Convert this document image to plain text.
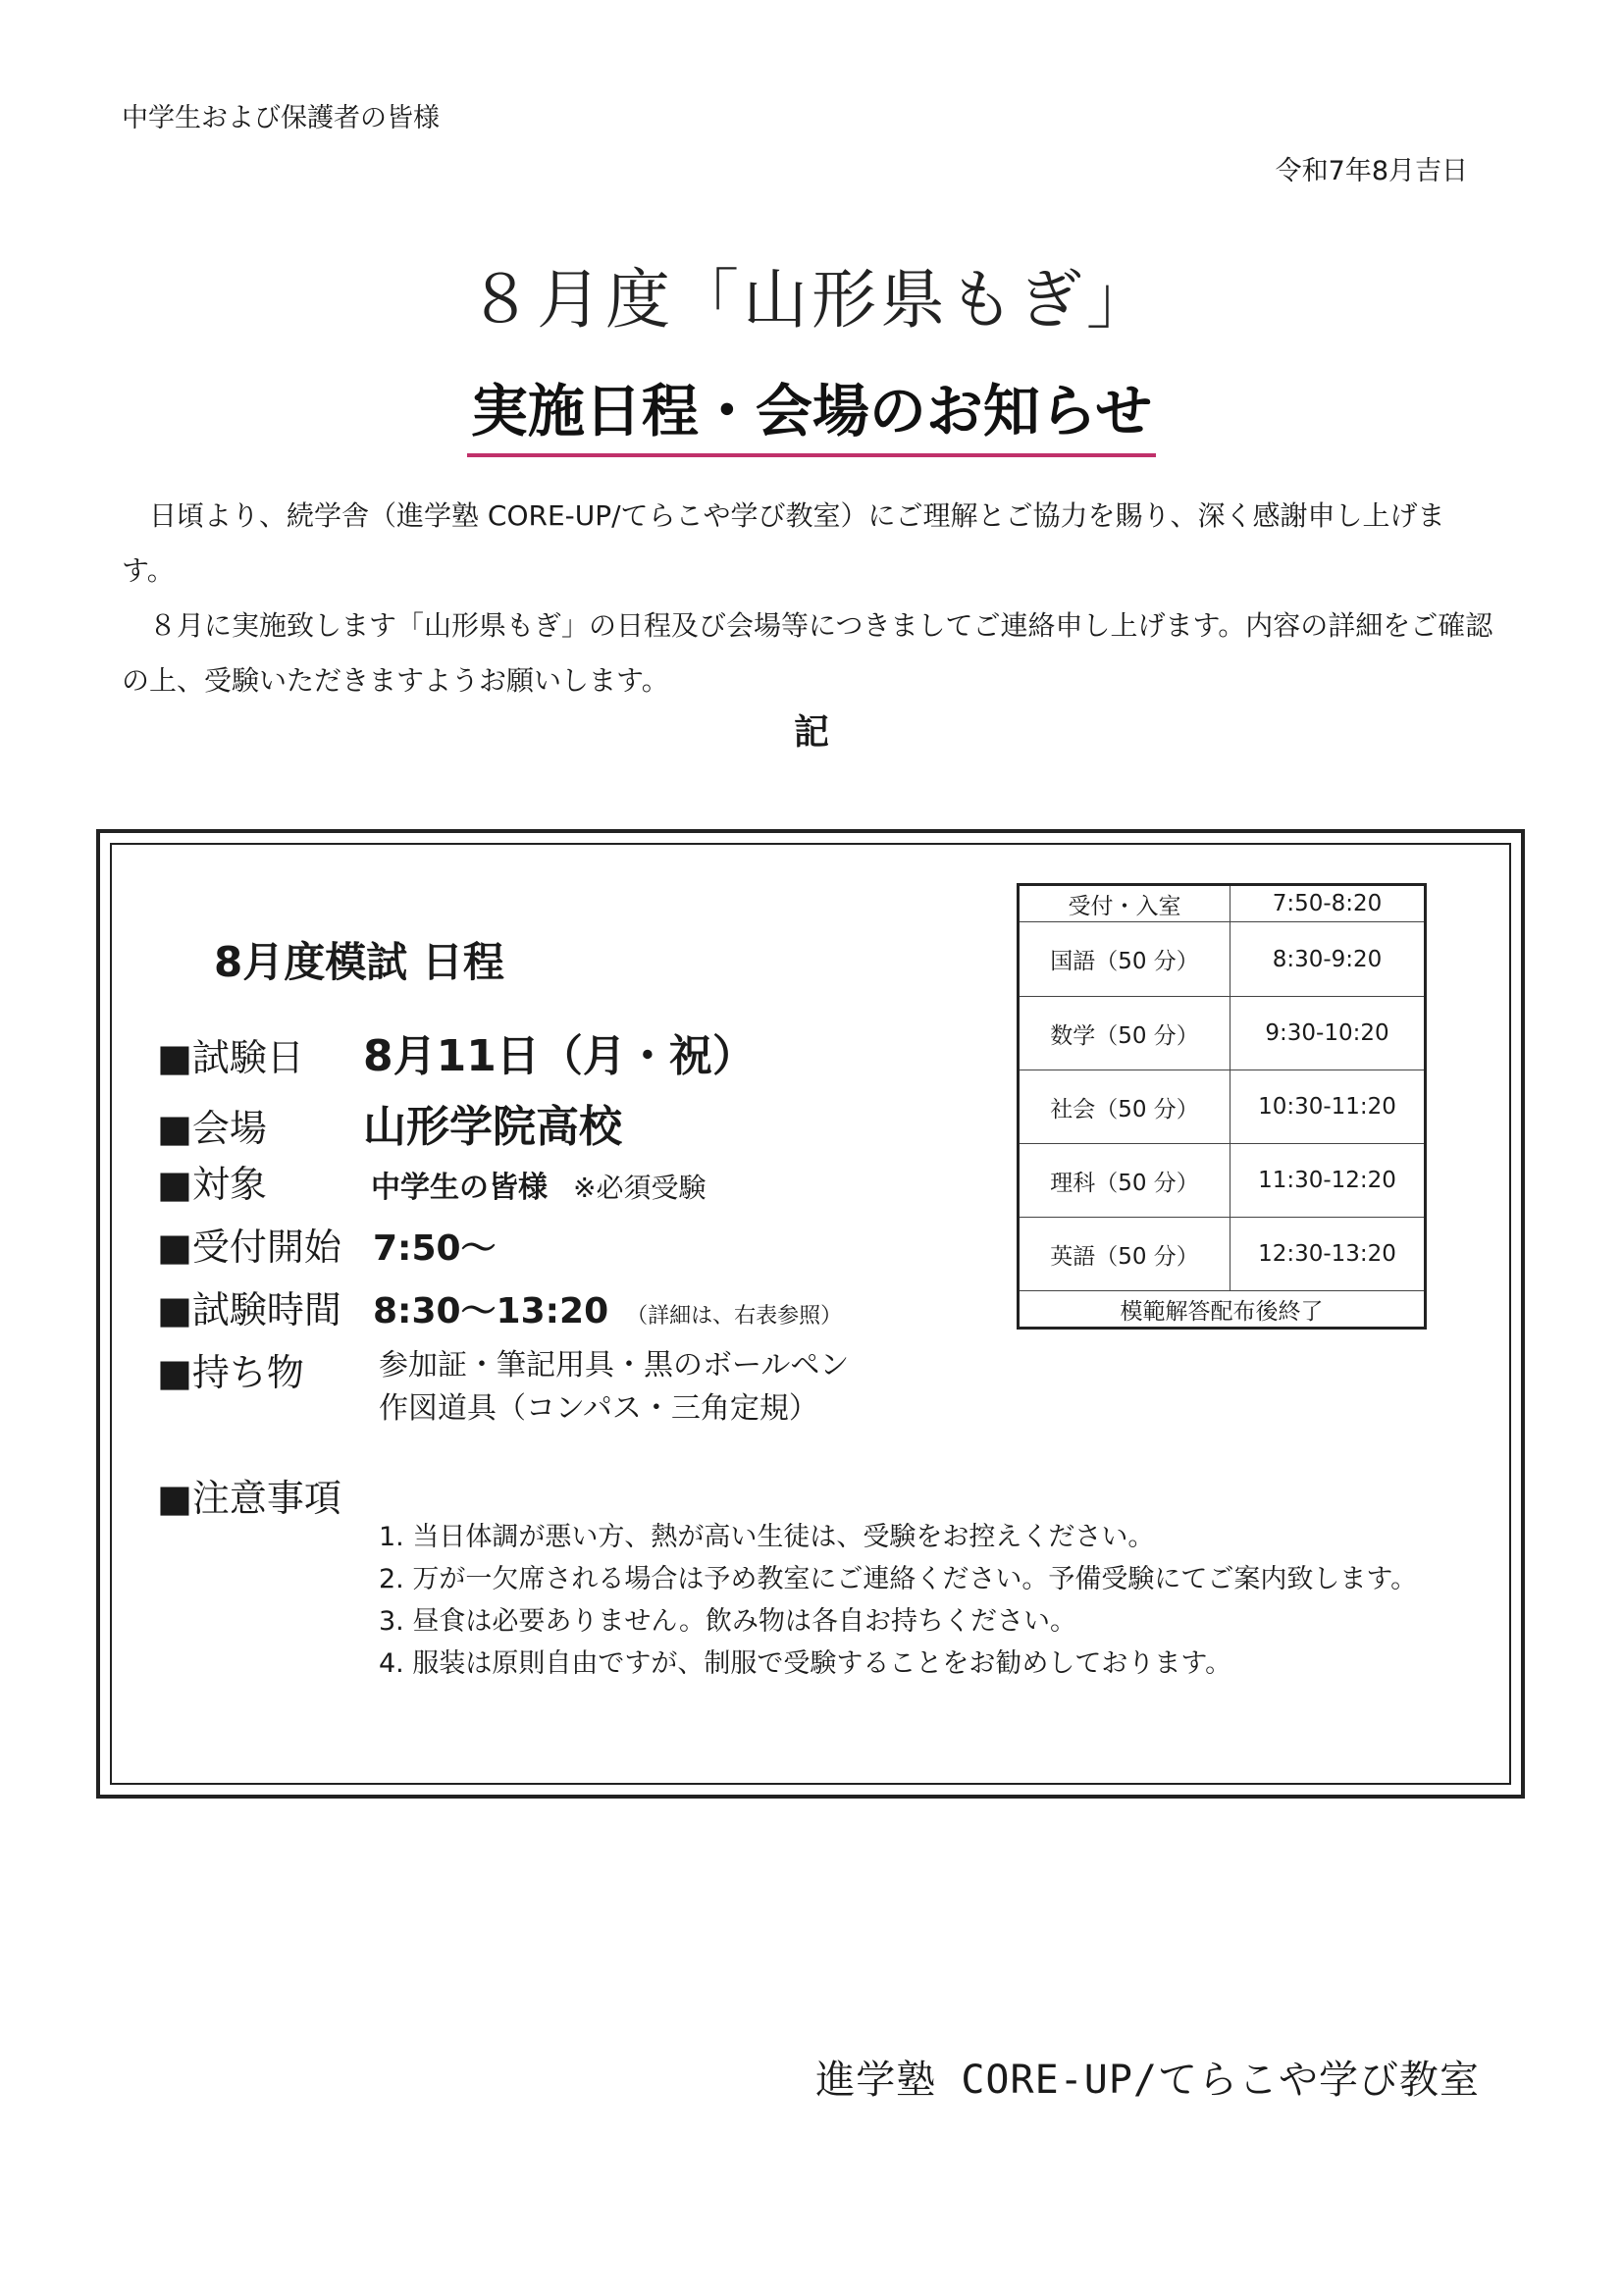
中学生および保護者の皆様
令和7年8月吉日
８月度「山形県もぎ」
実施日程・会場のお知らせ

日頃より、続学舎（進学塾 CORE-UP/てらこや学び教室）にご理解とご協力を賜り、深く感謝申し上げます。

８月に実施致します「山形県もぎ」の日程及び会場等につきましてご連絡申し上げます。内容の詳細をご確認の上、受験いただきますようお願いします。

記
8月度模試 日程
■試験日 8月11日（月・祝）
■会場 山形学院高校
■対象	中学生の皆様 ※必須受験
■受付開始 7:50〜
■試験時間 8:30〜13:20 （詳細は、右表参照）
■持ち物	参加証・筆記用具・黒のボールペン
作図道具（コンパス・三角定規）
■注意事項
1. 当日体調が悪い方、熱が高い生徒は、受験をお控えください。
2. 万が一欠席される場合は予め教室にご連絡ください。予備受験にてご案内致します。
3. 昼食は必要ありません。飲み物は各自お持ちください。
4. 服装は原則自由ですが、制服で受験することをお勧めしております。
受付・入室	7:50-8:20
国語（50 分）	8:30-9:20
数学（50 分）	9:30-10:20
社会（50 分）	10:30-11:20
理科（50 分）	11:30-12:20
英語（50 分）	12:30-13:20
模範解答配布後終了	
進学塾 CORE-UP/てらこや学び教室
